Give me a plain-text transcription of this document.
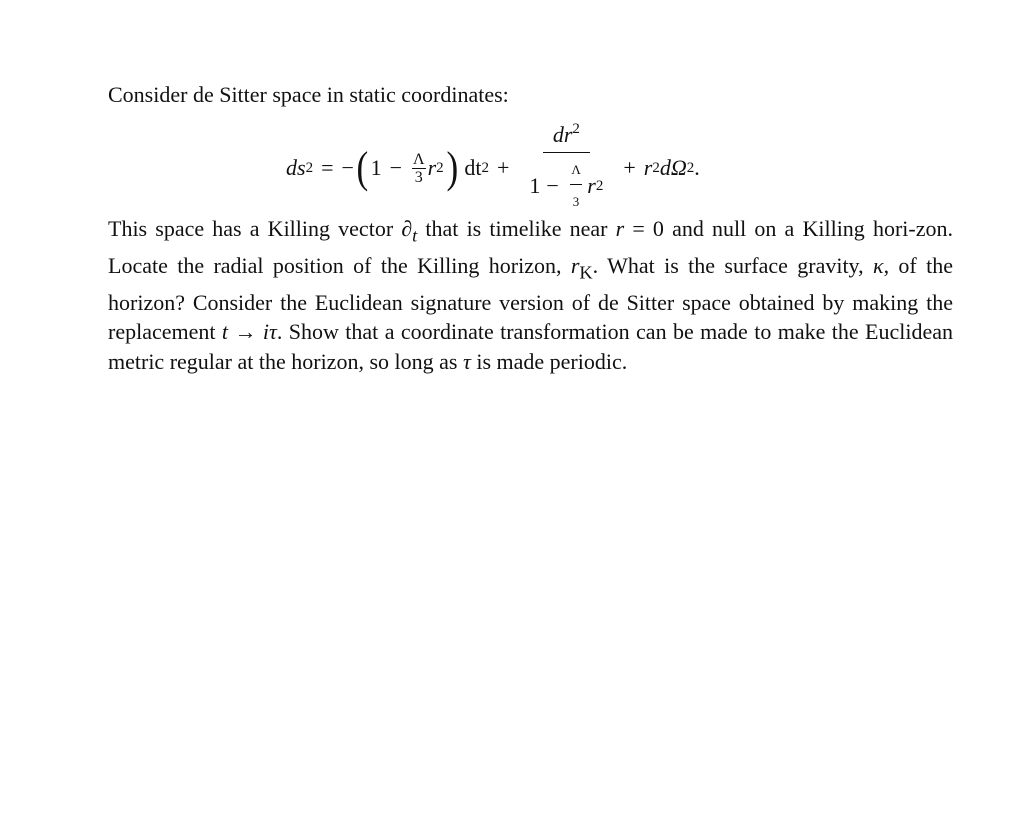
Consider de Sitter space in static coordinates:

ds 2 = − ( $1 - \frac{\Lambda}{3}$ r 2 ) dt 2 +
$dr^2$
$1 - \frac{\Lambda}{3}$ r 2
+ r 2 dΩ 2 .

This space has a Killing vector $\partial_t$ that is timelike near r = 0 and null on a Killing hori-zon. Locate the radial position of the Killing horizon, $r_K$. What is the surface gravity, κ, of the horizon? Consider the Euclidean signature version of de Sitter space obtained by making the replacement t → iτ. Show that a coordinate transformation can be made to make the Euclidean metric regular at the horizon, so long as τ is made periodic.
